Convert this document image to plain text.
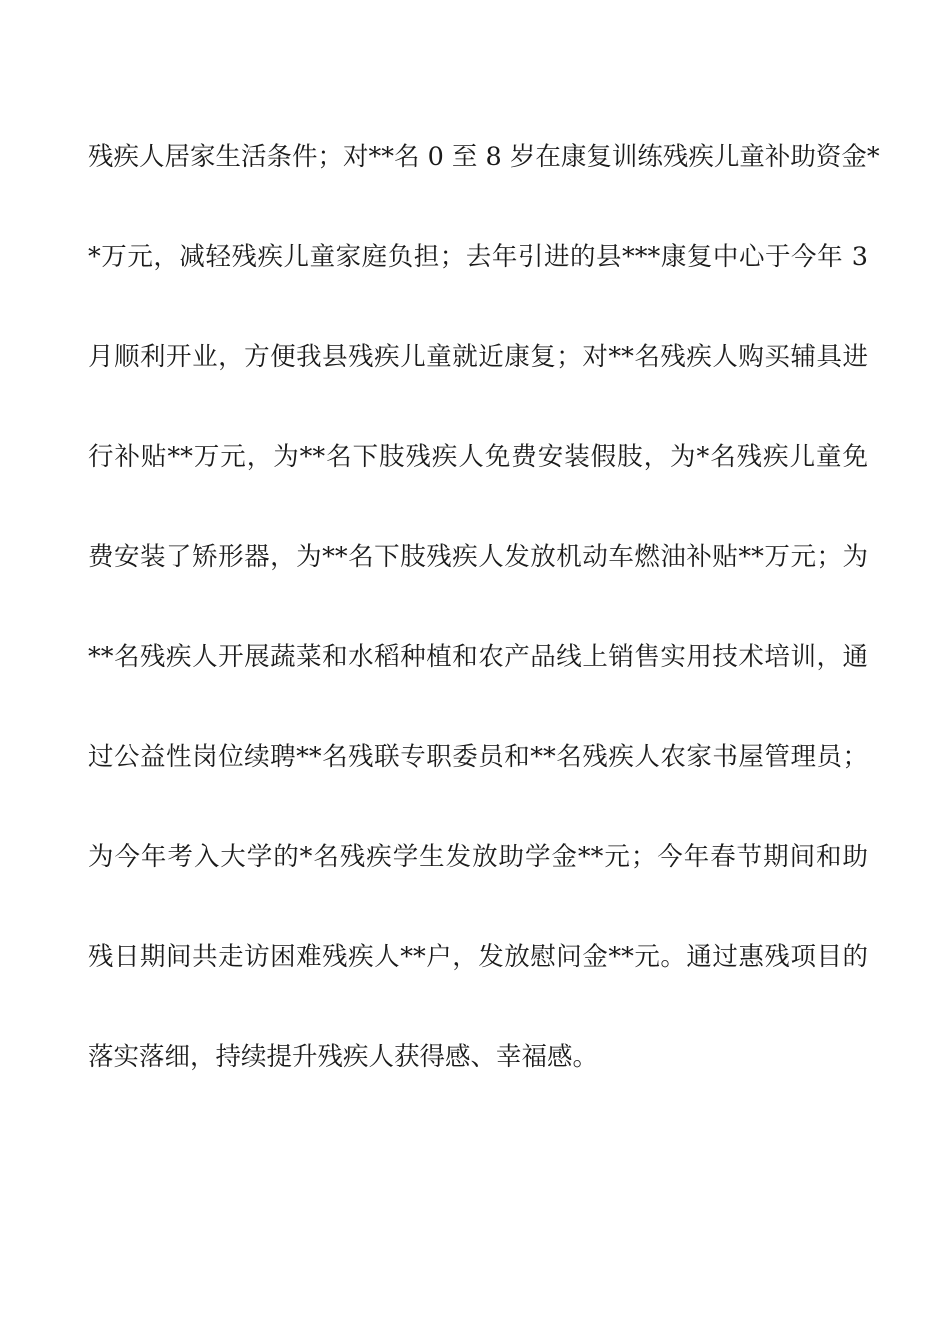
残疾人居家生活条件；对**名 0 至 8 岁在康复训练残疾儿童补助资金*
*万元，减轻残疾儿童家庭负担；去年引进的县***康复中心于今年 3
月顺利开业，方便我县残疾儿童就近康复；对**名残疾人购买辅具进
行补贴**万元，为**名下肢残疾人免费安装假肢，为*名残疾儿童免
费安装了矫形器，为**名下肢残疾人发放机动车燃油补贴**万元；为
**名残疾人开展蔬菜和水稻种植和农产品线上销售实用技术培训，通
过公益性岗位续聘**名残联专职委员和**名残疾人农家书屋管理员；
为今年考入大学的*名残疾学生发放助学金**元；今年春节期间和助
残日期间共走访困难残疾人**户，发放慰问金**元。通过惠残项目的
落实落细，持续提升残疾人获得感、幸福感。
